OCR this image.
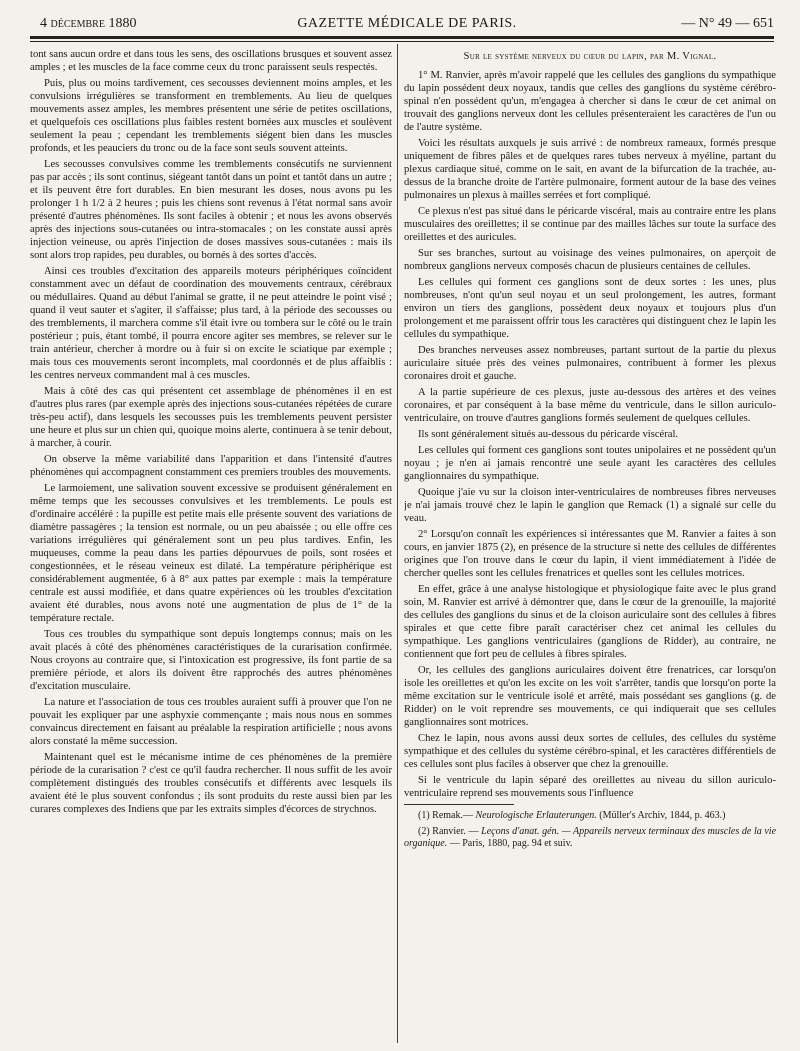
4 décembre 1880	GAZETTE MÉDICALE DE PARIS.	— N° 49 — 651

tont sans aucun ordre et dans tous les sens, des oscillations brusques et souvent assez amples ; et les muscles de la face comme ceux du tronc paraissent seuls respectés.

Puis, plus ou moins tardivement, ces secousses deviennent moins amples, et les convulsions irrégulières se transforment en tremblements. Au lieu de quelques mouvements assez amples, les membres présentent une série de petites oscillations, et quelquefois ces oscillations plus faibles restent bornées aux muscles et soulèvent seulement la peau ; cependant les tremblements siégent bien dans les muscles profonds, et les peauciers du tronc ou de la face sont seuls souvent atteints.

Les secousses convulsives comme les tremblements consécutifs ne surviennent pas par accès ; ils sont continus, siégeant tantôt dans un point et tantôt dans un autre ; et ils peuvent être fort durables. En bien mesurant les doses, nous avons pu les prolonger 1 h 1/2 à 2 heures ; puis les chiens sont revenus à l'état normal sans avoir présenté d'autres phénomènes. Ils sont faciles à obtenir ; et nous les avons observés après des injections sous-cutanées ou intra-stomacales ; on les constate aussi après injection veineuse, ou après l'injection de doses massives sous-cutanées : mais ils sont alors trop rapides, peu durables, ou bornés à des sortes d'accès.

Ainsi ces troubles d'excitation des appareils moteurs périphériques coïncident constamment avec un défaut de coordination des mouvements centraux, cérébraux ou médullaires. Quand au début l'animal se gratte, il ne peut atteindre le point visé ; quand il veut sauter et s'agiter, il s'affaisse; plus tard, à la période des secousses ou des tremblements, il marchera comme s'il était ivre ou tombera sur le côté ou le train postérieur ; puis, étant tombé, il pourra encore agiter ses membres, se relever sur le train antérieur, chercher à mordre ou à fuir si on excite le sciatique par exemple ; mais tous ces mouvements seront incomplets, mal coordonnés et de plus affaiblis : les centres nerveux commandent mal à ces muscles.

Mais à côté des cas qui présentent cet assemblage de phénomènes il en est d'autres plus rares (par exemple après des injections sous-cutanées répétées de curare très-peu actif), dans lesquels les secousses puis les tremblements peuvent persister une heure et plus sur un chien qui, quoique moins alerte, continuera à se tenir debout, à marcher, à courir.

On observe la même variabilité dans l'apparition et dans l'intensité d'autres phénomènes qui accompagnent constamment ces premiers troubles des mouvements.

Le larmoiement, une salivation souvent excessive se produisent généralement en même temps que les secousses convulsives et les tremblements. Le pouls est d'ordinaire accéléré : la pupille est petite mais elle présente souvent des variations de diamètre passagères ; la tension est normale, ou un peu abaissée ; ou elle offre ces variations irrégulières qui généralement sont un peu plus tardives. Enfin, les muqueuses, comme la peau dans les parties dépourvues de poils, sont rosées et congestionnées, et le réseau veineux est dilaté. La température périphérique est considérablement augmentée, 6 à 8° aux pattes par exemple : mais la température centrale est aussi modifiée, et dans quatre expériences où les troubles d'excitation avaient été durables, nous avons noté une augmentation de plus de 1° de la température rectale.

Tous ces troubles du sympathique sont depuis longtemps connus; mais on les avait placés à côté des phénomènes caractéristiques de la curarisation confirmée. Nous croyons au contraire que, si l'intoxication est progressive, ils font partie de sa première période, et alors ils doivent être rapprochés des autres phénomènes d'excitation musculaire.

La nature et l'association de tous ces troubles auraient suffi à prouver que l'on ne pouvait les expliquer par une asphyxie commençante ; mais nous nous en sommes convaincus directement en faisant au préalable la respiration artificielle ; nous avons alors constaté la même succession.

Maintenant quel est le mécanisme intime de ces phénomènes de la première période de la curarisation ? c'est ce qu'il faudra rechercher. Il nous suffit de les avoir complètement distingués des troubles consécutifs et différents avec lesquels ils avaient été le plus souvent confondus ; ils sont produits du reste aussi bien par les curares complexes des Indiens que par les extraits simples d'écorces de strychnos.

Sur le système nerveux du cœur du lapin, par M. Vignal.

1° M. Ranvier, après m'avoir rappelé que les cellules des ganglions du sympathique du lapin possédent deux noyaux, tandis que celles des ganglions du système cérébro-spinal n'en possédent qu'un, m'engagea à chercher si dans le cœur de cet animal on trouvait des ganglions nerveux dont les cellules présenteraient les caractères de l'un ou de l'autre système.

Voici les résultats auxquels je suis arrivé : de nombreux rameaux, formés presque uniquement de fibres pâles et de quelques rares tubes nerveux à myéline, partant du plexus cardiaque situé, comme on le sait, en avant de la bifurcation de la trachée, au-dessus de la branche droite de l'artère pulmonaire, forment autour de la base des veines pulmonaires un plexus à mailles serrées et fort compliqué.

Ce plexus n'est pas situé dans le péricarde viscéral, mais au contraire entre les plans musculaires des oreillettes; il se continue par des mailles lâches sur toute la surface des oreillettes et des auricules.

Sur ses branches, surtout au voisinage des veines pulmonaires, on aperçoit de nombreux ganglions nerveux composés chacun de plusieurs centaines de cellules.

Les cellules qui forment ces ganglions sont de deux sortes : les unes, plus nombreuses, n'ont qu'un seul noyau et un seul prolongement, les autres, formant environ un tiers des ganglions, possèdent deux noyaux et toujours plus d'un prolongement et me paraissent offrir tous les caractères qui distinguent chez le lapin les cellules du sympathique.

Des branches nerveuses assez nombreuses, partant surtout de la partie du plexus auriculaire située près des veines pulmonaires, contribuent à former les plexus coronaires droit et gauche.

A la partie supérieure de ces plexus, juste au-dessous des artères et des veines coronaires, et par conséquent à la base même du ventricule, dans le sillon auriculo-ventriculaire, on trouve d'autres ganglions formés seulement de quelques cellules.

Ils sont généralement situés au-dessous du péricarde viscéral.

Les cellules qui forment ces ganglions sont toutes unipolaires et ne possèdent qu'un noyau ; je n'en ai jamais rencontré une seule ayant les caractères des cellules ganglionnaires du sympathique.

Quoique j'aie vu sur la cloison inter-ventriculaires de nombreuses fibres nerveuses je n'ai jamais trouvé chez le lapin le ganglion que Remack (1) a signalé sur celle du veau.

2° Lorsqu'on connaît les expériences si intéressantes que M. Ranvier a faites à son cours, en janvier 1875 (2), en présence de la structure si nette des cellules de différentes origines que l'on trouve dans le cœur du lapin, il vient immédiatement à l'idée de chercher quelles sont les cellules frenatrices et quelles sont les cellules motrices.

En effet, grâce à une analyse histologique et physiologique faite avec le plus grand soin, M. Ranvier est arrivé à démontrer que, dans le cœur de la grenouille, la majorité des cellules des ganglions du sinus et de la cloison auriculaire sont des cellules à fibres spirales et que cette fibre paraît caractériser chez cet animal les cellules du sympathique. Les ganglions ventriculaires (ganglions de Ridder), au contraire, ne contiennent que fort peu de cellules à fibres spirales.

Or, les cellules des ganglions auriculaires doivent être frenatrices, car lorsqu'on isole les oreillettes et qu'on les excite on les voit s'arrêter, tandis que lorsqu'on porte la même excitation sur le ventricule isolé et arrêté, mais possédant ses ganglions (g. de Ridder) on le voit reprendre ses mouvements, ce qui indiquerait que ses cellules ganglionnaires sont motrices.

Chez le lapin, nous avons aussi deux sortes de cellules, des cellules du système sympathique et des cellules du système cérébro-spinal, et les caractères différentiels de ces cellules sont plus faciles à observer que chez la grenouille.

Si le ventricule du lapin séparé des oreillettes au niveau du sillon auriculo-ventriculaire reprend ses mouvements sous l'influence

(1) Remak.— Neurologische Erlauterungen. (Müller's Archiv, 1844, p. 463.)

(2) Ranvier. — Leçons d'anat. gén. — Appareils nerveux terminaux des muscles de la vie organique. — Paris, 1880, pag. 94 et suiv.
